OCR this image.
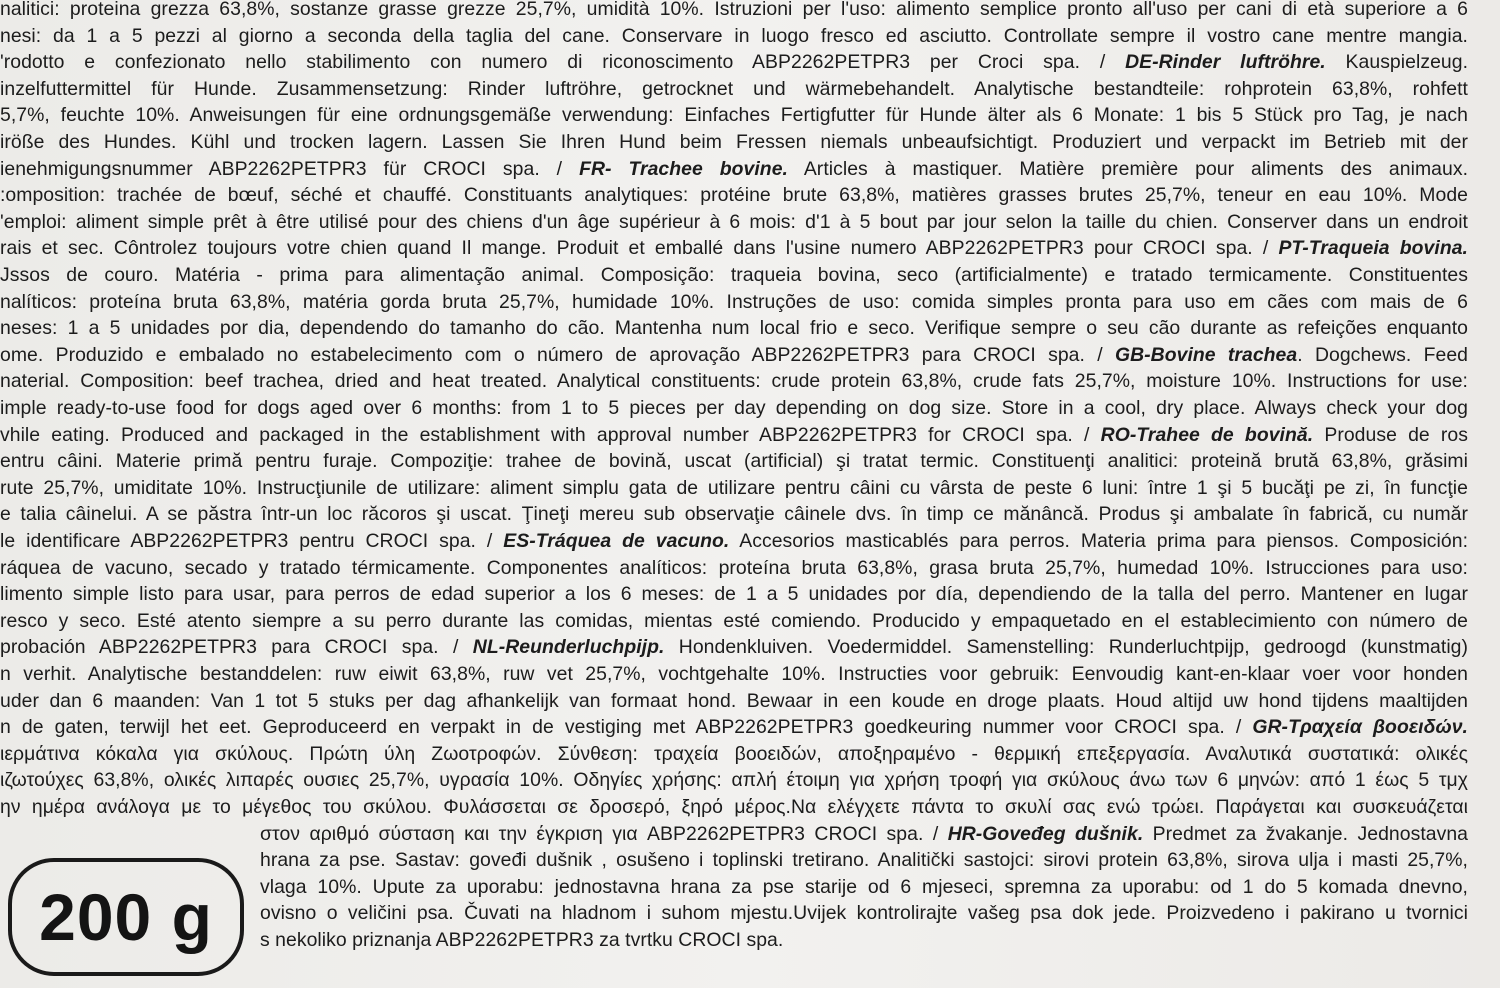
nalitici: proteina grezza 63,8%, sostanze grasse grezze 25,7%, umidità 10%. Istruzioni per l'uso: alimento semplice pronto all'uso per cani di età superiore a 6
nesi: da 1 a 5 pezzi al giorno a seconda della taglia del cane. Conservare in luogo fresco ed asciutto. Controllate sempre il vostro cane mentre mangia.
'rodotto e confezionato nello stabilimento con numero di riconoscimento ABP2262PETPR3 per Croci spa. / DE-Rinder luftröhre. Kauspielzeug.
inzelfuttermittel für Hunde. Zusammensetzung: Rinder luftröhre, getrocknet und wärmebehandelt. Analytische bestandteile: rohprotein 63,8%, rohfett
5,7%, feuchte 10%. Anweisungen für eine ordnungsgemäße verwendung: Einfaches Fertigfutter für Hunde älter als 6 Monate: 1 bis 5 Stück pro Tag, je nach
iröße des Hundes. Kühl und trocken lagern. Lassen Sie Ihren Hund beim Fressen niemals unbeaufsichtigt. Produziert und verpackt im Betrieb mit der
ienehmigungsnummer ABP2262PETPR3 für CROCI spa. / FR- Trachee bovine. Articles à mastiquer. Matière première pour aliments des animaux.
:omposition: trachée de bœuf, séché et chauffé. Constituants analytiques: protéine brute 63,8%, matières grasses brutes 25,7%, teneur en eau 10%. Mode
'emploi: aliment simple prêt à être utilisé pour des chiens d'un âge supérieur à 6 mois: d'1 à 5 bout par jour selon la taille du chien. Conserver dans un endroit
rais et sec. Côntrolez toujours votre chien quand Il mange. Produit et emballé dans l'usine numero ABP2262PETPR3 pour CROCI spa. / PT-Traqueia bovina.
Jssos de couro. Matéria - prima para alimentação animal. Composição: traqueia bovina, seco (artificialmente) e tratado termicamente. Constituentes
nalíticos: proteína bruta 63,8%, matéria gorda bruta 25,7%, humidade 10%. Instruções de uso: comida simples pronta para uso em cães com mais de 6
neses: 1 a 5 unidades por dia, dependendo do tamanho do cão. Mantenha num local frio e seco. Verifique sempre o seu cão durante as refeições enquanto
ome. Produzido e embalado no estabelecimento com o número de aprovação ABP2262PETPR3 para CROCI spa. / GB-Bovine trachea. Dogchews. Feed
naterial. Composition: beef trachea, dried and heat treated. Analytical constituents: crude protein 63,8%, crude fats 25,7%, moisture 10%. Instructions for use:
imple ready-to-use food for dogs aged over 6 months: from 1 to 5 pieces per day depending on dog size. Store in a cool, dry place. Always check your dog
vhile eating. Produced and packaged in the establishment with approval number ABP2262PETPR3 for CROCI spa. / RO-Trahee de bovină. Produse de ros
entru câini. Materie primă pentru furaje. Compoziţie: trahee de bovină, uscat (artificial) şi tratat termic. Constituenţi analitici: proteină brută 63,8%, grăsimi
rute 25,7%, umiditate 10%. Instrucţiunile de utilizare: aliment simplu gata de utilizare pentru câini cu vârsta de peste 6 luni: între 1 şi 5 bucăţi pe zi, în funcţie
e talia câinelui. A se păstra într-un loc răcoros şi uscat. Ţineţi mereu sub observaţie câinele dvs. în timp ce mănâncă. Produs şi ambalate în fabrică, cu număr
le identificare ABP2262PETPR3 pentru CROCI spa. / ES-Tráquea de vacuno. Accesorios masticablés para perros. Materia prima para piensos. Composición:
ráquea de vacuno, secado y tratado térmicamente. Componentes analíticos: proteína bruta 63,8%, grasa bruta 25,7%, humedad 10%. Istrucciones para uso:
limento simple listo para usar, para perros de edad superior a los 6 meses: de 1 a 5 unidades por día, dependiendo de la talla del perro. Mantener en lugar
resco y seco. Esté atento siempre a su perro durante las comidas, mientas esté comiendo. Producido y empaquetado en el establecimiento con número de
probación ABP2262PETPR3 para CROCI spa. / NL-Reunderluchpijp. Hondenkluiven. Voedermiddel. Samenstelling: Runderluchtpijp, gedroogd (kunstmatig)
n verhit. Analytische bestanddelen: ruw eiwit 63,8%, ruw vet 25,7%, vochtgehalte 10%. Instructies voor gebruik: Eenvoudig kant-en-klaar voer voor honden
uder dan 6 maanden: Van 1 tot 5 stuks per dag afhankelijk van formaat hond. Bewaar in een koude en droge plaats. Houd altijd uw hond tijdens maaltijden
n de gaten, terwijl het eet. Geproduceerd en verpakt in de vestiging met ABP2262PETPR3 goedkeuring nummer voor CROCI spa. / GR-Τραχεία βοοειδών.
ιερμάτινα κόκαλα για σκύλους. Πρώτη ύλη Ζωοτροφών. Σύνθεση: τραχεία βοοειδών, αποξηραμένο - θερμική επεξεργασία. Αναλυτικά συστατικά: ολικές
ιζωτούχες 63,8%, ολικές λιπαρές ουσιες 25,7%, υγρασία 10%. Οδηγίες χρήσης: απλή έτοιμη για χρήση τροφή για σκύλους άνω των 6 μηνών: από 1 έως 5 τμχ
ην ημέρα ανάλογα με το μέγεθος του σκύλου. Φυλάσσεται σε δροσερό, ξηρό μέρος.Να ελέγχετε πάντα το σκυλί σας ενώ τρώει. Παράγεται και συσκευάζεται
στον αριθμό σύσταση και την έγκριση για ABP2262PETPR3 CROCI spa. / HR-Goveđeg dušnik. Predmet za žvakanje. Jednostavna
hrana za pse. Sastav: goveđi dušnik , osušeno i toplinski tretirano. Analitički sastojci: sirovi protein 63,8%, sirova ulja i masti 25,7%,
vlaga 10%. Upute za uporabu: jednostavna hrana za pse starije od 6 mjeseci, spremna za uporabu: od 1 do 5 komada dnevno,
ovisno o veličini psa. Čuvati na hladnom i suhom mjestu.Uvijek kontrolirajte vašeg psa dok jede. Proizvedeno i pakirano u tvornici
s nekoliko priznanja ABP2262PETPR3 za tvrtku CROCI spa.
200 g
